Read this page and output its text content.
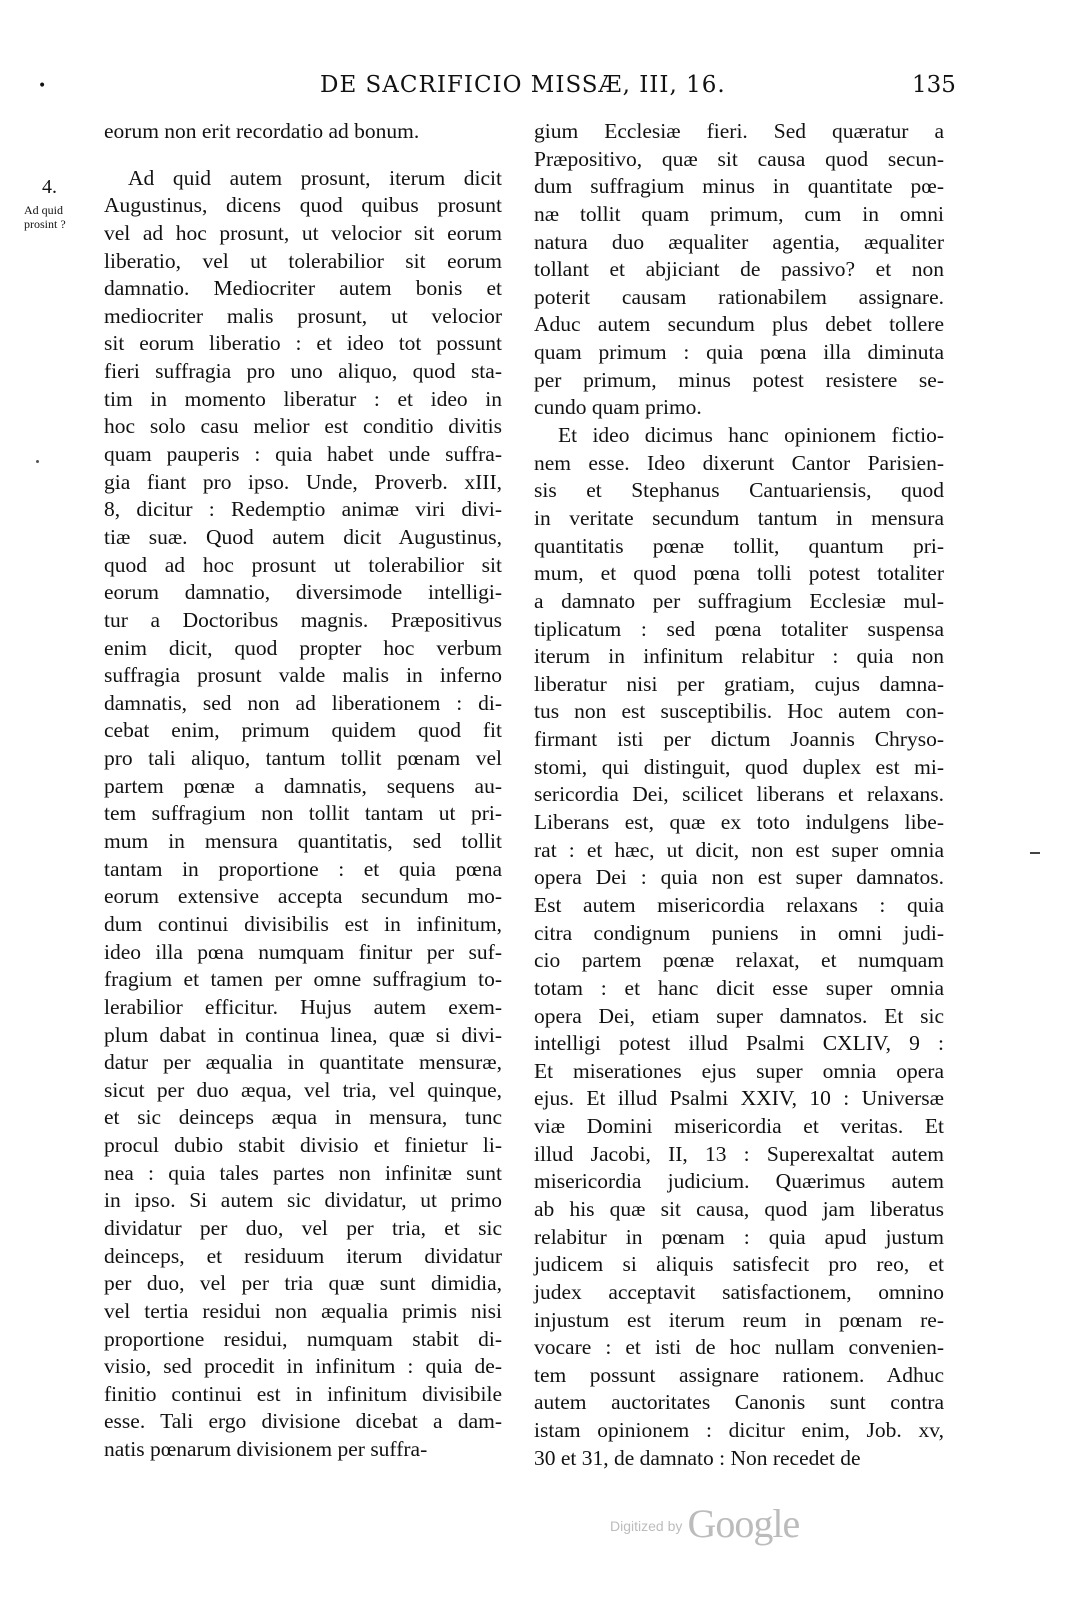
•	DE SACRIFICIO MISSÆ, III, 16.	135
4.
Ad quid
prosint ?
eorum non erit recordatio ad bonum.
Ad quid autem prosunt, iterum dicit
Augustinus, dicens quod quibus prosunt
vel ad hoc prosunt, ut velocior sit eorum
liberatio, vel ut tolerabilior sit eorum
damnatio. Mediocriter autem bonis et
mediocriter malis prosunt, ut velocior
sit eorum liberatio : et ideo tot possunt
fieri suffragia pro uno aliquo, quod sta-
tim in momento liberatur : et ideo in
hoc solo casu melior est conditio divitis
quam pauperis : quia habet unde suffra-
gia fiant pro ipso. Unde, Proverb. xIII,
8, dicitur : Redemptio animæ viri divi-
tiæ suæ. Quod autem dicit Augustinus,
quod ad hoc prosunt ut tolerabilior sit
eorum damnatio, diversimode intelligi-
tur a Doctoribus magnis. Præpositivus
enim dicit, quod propter hoc verbum
suffragia prosunt valde malis in inferno
damnatis, sed non ad liberationem : di-
cebat enim, primum quidem quod fit
pro tali aliquo, tantum tollit pœnam vel
partem pœnæ a damnatis, sequens au-
tem suffragium non tollit tantam ut pri-
mum in mensura quantitatis, sed tollit
tantam in proportione : et quia pœna
eorum extensive accepta secundum mo-
dum continui divisibilis est in infinitum,
ideo illa pœna numquam finitur per suf-
fragium et tamen per omne suffragium to-
lerabilior efficitur. Hujus autem exem-
plum dabat in continua linea, quæ si divi-
datur per æqualia in quantitate mensuræ,
sicut per duo æqua, vel tria, vel quinque,
et sic deinceps æqua in mensura, tunc
procul dubio stabit divisio et finietur li-
nea : quia tales partes non infinitæ sunt
in ipso. Si autem sic dividatur, ut primo
dividatur per duo, vel per tria, et sic
deinceps, et residuum iterum dividatur
per duo, vel per tria quæ sunt dimidia,
vel tertia residui non æqualia primis nisi
proportione residui, numquam stabit di-
visio, sed procedit in infinitum : quia de-
finitio continui est in infinitum divisibile
esse. Tali ergo divisione dicebat a dam-
natis pœnarum divisionem per suffra-
gium Ecclesiæ fieri. Sed quæratur a
Præpositivo, quæ sit causa quod secun-
dum suffragium minus in quantitate pœ-
næ tollit quam primum, cum in omni
natura duo æqualiter agentia, æqualiter
tollant et abjiciant de passivo? et non
poterit causam rationabilem assignare.
Aduc autem secundum plus debet tollere
quam primum : quia pœna illa diminuta
per primum, minus potest resistere se-
cundo quam primo.
Et ideo dicimus hanc opinionem fictio-
nem esse. Ideo dixerunt Cantor Parisien-
sis et Stephanus Cantuariensis, quod
in veritate secundum tantum in mensura
quantitatis pœnæ tollit, quantum pri-
mum, et quod pœna tolli potest totaliter
a damnato per suffragium Ecclesiæ mul-
tiplicatum : sed pœna totaliter suspensa
iterum in infinitum relabitur : quia non
liberatur nisi per gratiam, cujus damna-
tus non est susceptibilis. Hoc autem con-
firmant isti per dictum Joannis Chryso-
stomi, qui distinguit, quod duplex est mi-
sericordia Dei, scilicet liberans et relaxans.
Liberans est, quæ ex toto indulgens libe-
rat : et hæc, ut dicit, non est super omnia
opera Dei : quia non est super damnatos.
Est autem misericordia relaxans : quia
citra condignum puniens in omni judi-
cio partem pœnæ relaxat, et numquam
totam : et hanc dicit esse super omnia
opera Dei, etiam super damnatos. Et sic
intelligi potest illud Psalmi CXLIV, 9 :
Et miserationes ejus super omnia opera
ejus. Et illud Psalmi XXIV, 10 : Universæ
viæ Domini misericordia et veritas. Et
illud Jacobi, II, 13 : Superexaltat autem
misericordia judicium. Quærimus autem
ab his quæ sit causa, quod jam liberatus
relabitur in pœnam : quia apud justum
judicem si aliquis satisfecit pro reo, et
judex acceptavit satisfactionem, omnino
injustum est iterum reum in pœnam re-
vocare : et isti de hoc nullam convenien-
tem possunt assignare rationem. Adhuc
autem auctoritates Canonis sunt contra
istam opinionem : dicitur enim, Job. xv,
30 et 31, de damnato : Non recedet de
Digitized by Google
